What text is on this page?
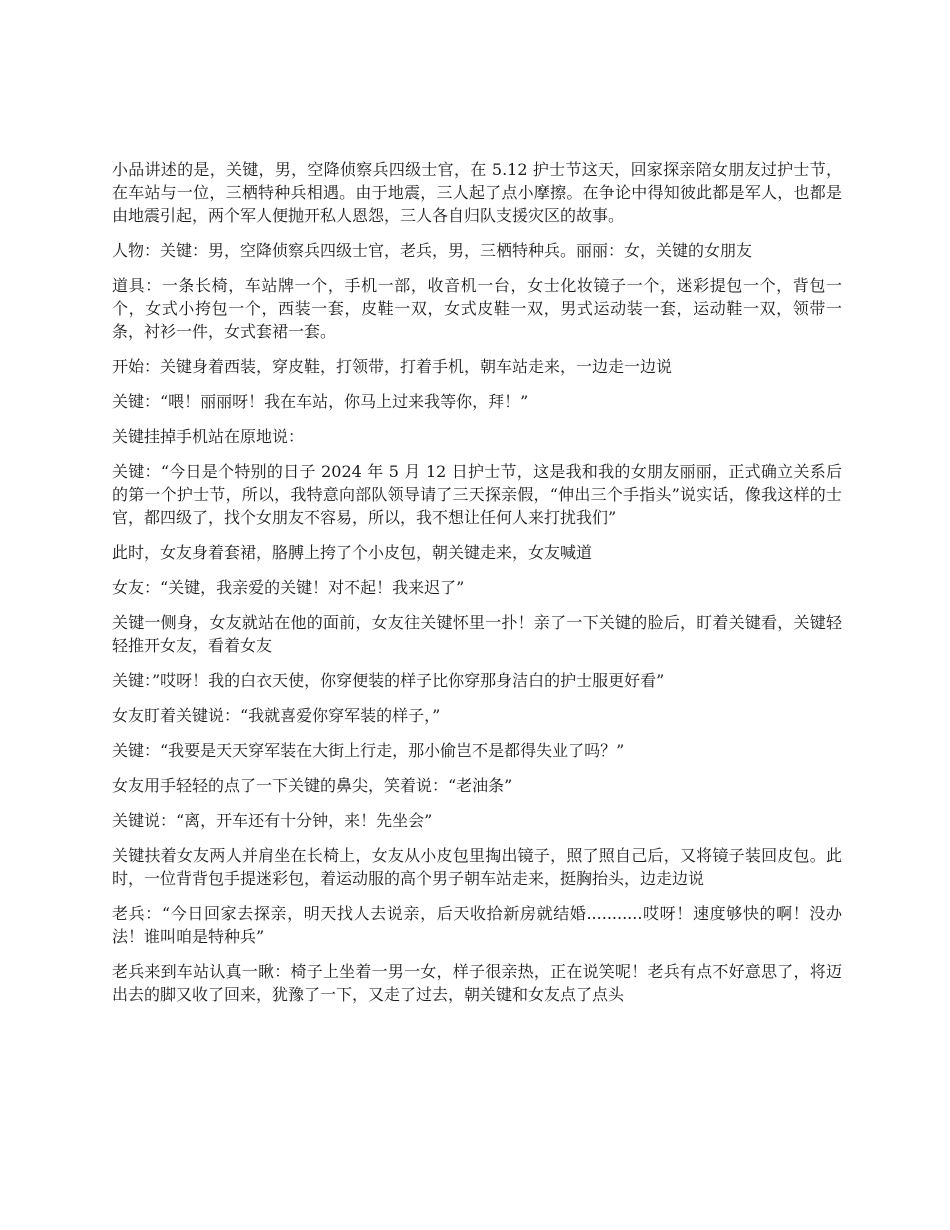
小品讲述的是，关键，男，空降侦察兵四级士官，在 5.12 护士节这天，回家探亲陪女朋友过护士节，在车站与一位，三栖特种兵相遇。由于地震，三人起了点小摩擦。在争论中得知彼此都是军人，也都是由地震引起，两个军人便抛开私人恩怨，三人各自归队支援灾区的故事。

人物：关键：男，空降侦察兵四级士官，老兵，男，三栖特种兵。丽丽：女，关键的女朋友

道具：一条长椅，车站牌一个，手机一部，收音机一台，女士化妆镜子一个，迷彩提包一个，背包一个，女式小挎包一个，西装一套，皮鞋一双，女式皮鞋一双，男式运动装一套，运动鞋一双，领带一条，衬衫一件，女式套裙一套。

开始：关键身着西装，穿皮鞋，打领带，打着手机，朝车站走来，一边走一边说

关键：“喂！丽丽呀！我在车站，你马上过来我等你，拜！”

关键挂掉手机站在原地说：

关键：“今日是个特别的日子 2024 年 5 月 12 日护士节，这是我和我的女朋友丽丽，正式确立关系后的第一个护士节，所以，我特意向部队领导请了三天探亲假，“伸出三个手指头”说实话，像我这样的士官，都四级了，找个女朋友不容易，所以，我不想让任何人来打扰我们”

此时，女友身着套裙，胳膊上挎了个小皮包，朝关键走来，女友喊道

女友：“关键，我亲爱的关键！对不起！我来迟了”

关键一侧身，女友就站在他的面前，女友往关键怀里一扑！亲了一下关键的脸后，盯着关键看，关键轻轻推开女友，看着女友

关键：”哎呀！我的白衣天使，你穿便装的样子比你穿那身洁白的护士服更好看”

女友盯着关键说：“我就喜爱你穿军装的样子，”

关键：“我要是天天穿军装在大街上行走，那小偷岂不是都得失业了吗？”

女友用手轻轻的点了一下关键的鼻尖，笑着说：“老油条”

关键说：“离，开车还有十分钟，来！先坐会”

关键扶着女友两人并肩坐在长椅上，女友从小皮包里掏出镜子，照了照自己后，又将镜子装回皮包。此时，一位背背包手提迷彩包，着运动服的高个男子朝车站走来，挺胸抬头，边走边说

老兵：“今日回家去探亲，明天找人去说亲，后天收拾新房就结婚...........哎呀！速度够快的啊！没办法！谁叫咱是特种兵”

老兵来到车站认真一瞅：椅子上坐着一男一女，样子很亲热，正在说笑呢！老兵有点不好意思了，将迈出去的脚又收了回来，犹豫了一下，又走了过去，朝关键和女友点了点头
